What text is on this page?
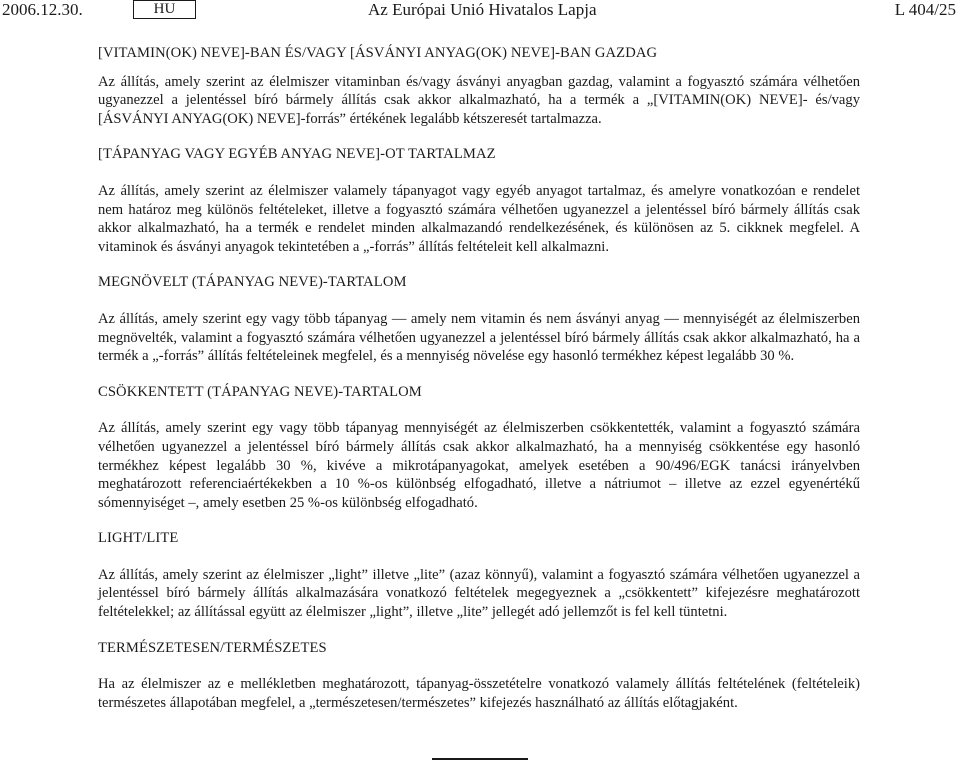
2006.12.30.	HU	Az Európai Unió Hivatalos Lapja	L 404/25
[VITAMIN(OK) NEVE]-BAN ÉS/VAGY [ÁSVÁNYI ANYAG(OK) NEVE]-BAN GAZDAG

Az állítás, amely szerint az élelmiszer vitaminban és/vagy ásványi anyagban gazdag, valamint a fogyasztó számára vélhetően ugyanezzel a jelentéssel bíró bármely állítás csak akkor alkalmazható, ha a termék a „[VITAMIN(OK) NEVE]- és/vagy [ÁSVÁNYI ANYAG(OK) NEVE]-forrás” értékének legalább kétszeresét tartalmazza.

[TÁPANYAG VAGY EGYÉB ANYAG NEVE]-OT TARTALMAZ

Az állítás, amely szerint az élelmiszer valamely tápanyagot vagy egyéb anyagot tartalmaz, és amelyre vonatkozóan e rendelet nem határoz meg különös feltételeket, illetve a fogyasztó számára vélhetően ugyanezzel a jelentéssel bíró bármely állítás csak akkor alkalmazható, ha a termék e rendelet minden alkalmazandó rendelkezésének, és különösen az 5. cikknek megfelel. A vitaminok és ásványi anyagok tekintetében a „-forrás” állítás feltételeit kell alkalmazni.

MEGNÖVELT (TÁPANYAG NEVE)-TARTALOM

Az állítás, amely szerint egy vagy több tápanyag — amely nem vitamin és nem ásványi anyag — mennyiségét az élelmiszerben megnövelték, valamint a fogyasztó számára vélhetően ugyanezzel a jelentéssel bíró bármely állítás csak akkor alkalmazható, ha a termék a „-forrás” állítás feltételeinek megfelel, és a mennyiség növelése egy hasonló termékhez képest legalább 30 %.

CSÖKKENTETT (TÁPANYAG NEVE)-TARTALOM

Az állítás, amely szerint egy vagy több tápanyag mennyiségét az élelmiszerben csökkentették, valamint a fogyasztó számára vélhetően ugyanezzel a jelentéssel bíró bármely állítás csak akkor alkalmazható, ha a mennyiség csökkentése egy hasonló termékhez képest legalább 30 %, kivéve a mikrotápanyagokat, amelyek esetében a 90/496/EGK tanácsi irányelvben meghatározott referenciaértékekben a 10 %-os különbség elfogadható, illetve a nátriumot – illetve az ezzel egyenértékű sómennyiséget –, amely esetben 25 %-os különbség elfogadható.

LIGHT/LITE

Az állítás, amely szerint az élelmiszer „light” illetve „lite” (azaz könnyű), valamint a fogyasztó számára vélhetően ugyanezzel a jelentéssel bíró bármely állítás alkalmazására vonatkozó feltételek megegyeznek a „csökkentett” kifejezésre meghatározott feltételekkel; az állítással együtt az élelmiszer „light”, illetve „lite” jellegét adó jellemzőt is fel kell tüntetni.

TERMÉSZETESEN/TERMÉSZETES

Ha az élelmiszer az e mellékletben meghatározott, tápanyag-összetételre vonatkozó valamely állítás feltételének (feltételeik) természetes állapotában megfelel, a „természetesen/természetes” kifejezés használható az állítás előtagjaként.
